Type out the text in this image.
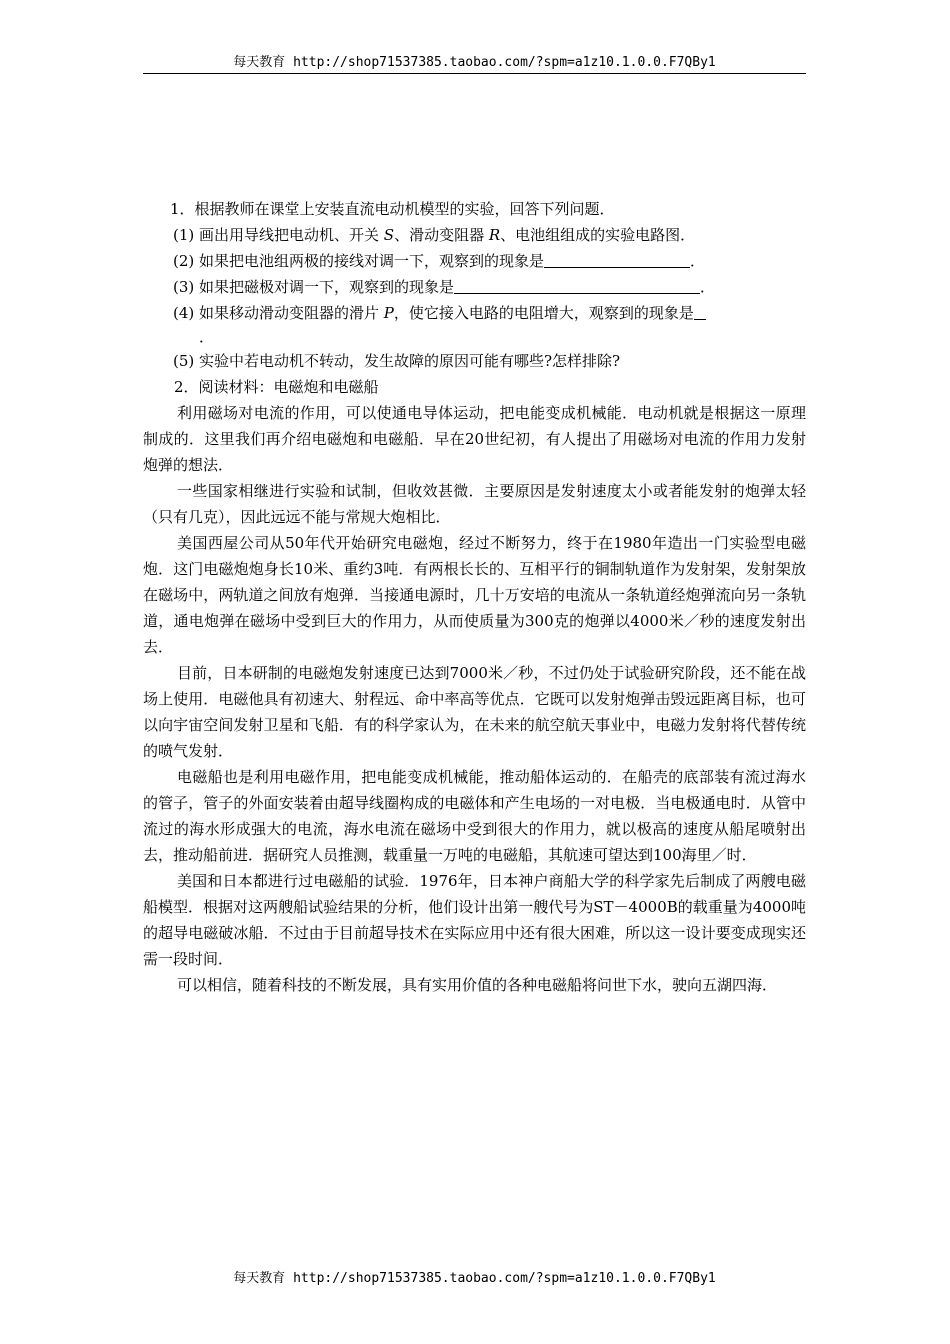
每天教育 http://shop71537385.taobao.com/?spm=a1z10.1.0.0.F7QBy1

1．根据教师在课堂上安装直流电动机模型的实验，回答下列问题．

(1) 画出用导线把电动机、开关 S、滑动变阻器 R、电池组组成的实验电路图．

(2) 如果把电池组两极的接线对调一下，观察到的现象是	．

(3) 如果把磁极对调一下，观察到的现象是	．

(4) 如果移动滑动变阻器的滑片 P，使它接入电路的电阻增大，观察到的现象是

．

(5) 实验中若电动机不转动，发生故障的原因可能有哪些?怎样排除?

2．阅读材料：电磁炮和电磁船

利用磁场对电流的作用，可以使通电导体运动，把电能变成机械能．电动机就是根据这一原理制成的．这里我们再介绍电磁炮和电磁船．早在20世纪初，有人提出了用磁场对电流的作用力发射炮弹的想法．

一些国家相继进行实验和试制，但收效甚微．主要原因是发射速度太小或者能发射的炮弹太轻（只有几克），因此远远不能与常规大炮相比．

美国西屋公司从50年代开始研究电磁炮，经过不断努力，终于在1980年造出一门实验型电磁炮．这门电磁炮炮身长10米、重约3吨．有两根长长的、互相平行的铜制轨道作为发射架，发射架放在磁场中，两轨道之间放有炮弹．当接通电源时，几十万安培的电流从一条轨道经炮弹流向另一条轨道，通电炮弹在磁场中受到巨大的作用力，从而使质量为300克的炮弹以4000米／秒的速度发射出去．

目前，日本研制的电磁炮发射速度已达到7000米／秒，不过仍处于试验研究阶段，还不能在战场上使用．电磁他具有初速大、射程远、命中率高等优点．它既可以发射炮弹击毁远距离目标，也可以向宇宙空间发射卫星和飞船．有的科学家认为，在未来的航空航天事业中，电磁力发射将代替传统的喷气发射．

电磁船也是利用电磁作用，把电能变成机械能，推动船体运动的．在船壳的底部装有流过海水的管子，管子的外面安装着由超导线圈构成的电磁体和产生电场的一对电极．当电极通电时．从管中流过的海水形成强大的电流，海水电流在磁场中受到很大的作用力，就以极高的速度从船尾喷射出去，推动船前进．据研究人员推测，载重量一万吨的电磁船，其航速可望达到100海里／时．

美国和日本都进行过电磁船的试验．1976年，日本神户商船大学的科学家先后制成了两艘电磁船模型．根据对这两艘船试验结果的分析，他们设计出第一艘代号为ST－4000B的载重量为4000吨的超导电磁破冰船．不过由于目前超导技术在实际应用中还有很大困难，所以这一设计要变成现实还需一段时间．

可以相信，随着科技的不断发展，具有实用价值的各种电磁船将问世下水，驶向五湖四海．

每天教育 http://shop71537385.taobao.com/?spm=a1z10.1.0.0.F7QBy1
